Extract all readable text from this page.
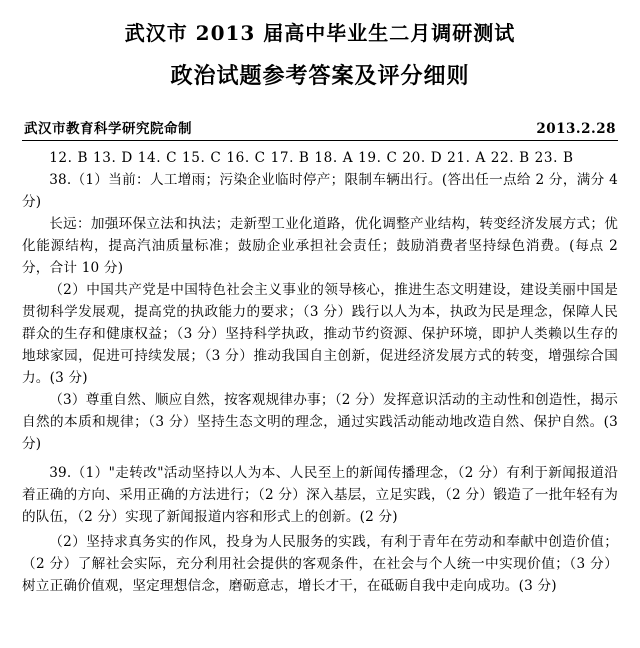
武汉市 2013 届高中毕业生二月调研测试
政治试题参考答案及评分细则
武汉市教育科学研究院命制	2013.2.28

12. B 13. D 14. C 15. C 16. C 17. B 18. A 19. C 20. D 21. A 22. B 23. B

38.（1）当前：人工增雨；污染企业临时停产；限制车辆出行。(答出任一点给 2 分，满分 4 分)

长远：加强环保立法和执法；走新型工业化道路，优化调整产业结构，转变经济发展方式；优化能源结构，提高汽油质量标准；鼓励企业承担社会责任；鼓励消费者坚持绿色消费。(每点 2 分，合计 10 分)

（2）中国共产党是中国特色社会主义事业的领导核心，推进生态文明建设，建设美丽中国是贯彻科学发展观，提高党的执政能力的要求；（3 分）践行以人为本，执政为民是理念，保障人民群众的生存和健康权益；（3 分）坚持科学执政，推动节约资源、保护环境，即护人类赖以生存的地球家园，促进可持续发展；（3 分）推动我国自主创新，促进经济发展方式的转变，增强综合国力。(3 分)

（3）尊重自然、顺应自然，按客观规律办事；（2 分）发挥意识活动的主动性和创造性，揭示自然的本质和规律；（3 分）坚持生态文明的理念，通过实践活动能动地改造自然、保护自然。(3 分)

39.（1）"走转改"活动坚持以人为本、人民至上的新闻传播理念，（2 分）有利于新闻报道沿着正确的方向、采用正确的方法进行；（2 分）深入基层，立足实践，（2 分）锻造了一批年轻有为的队伍，（2 分）实现了新闻报道内容和形式上的创新。(2 分)

（2）坚持求真务实的作风，投身为人民服务的实践，有利于青年在劳动和奉献中创造价值；（2 分）了解社会实际，充分利用社会提供的客观条件，在社会与个人统一中实现价值；（3 分）树立正确价值观，坚定理想信念，磨砺意志，增长才干，在砥砺自我中走向成功。(3 分)
